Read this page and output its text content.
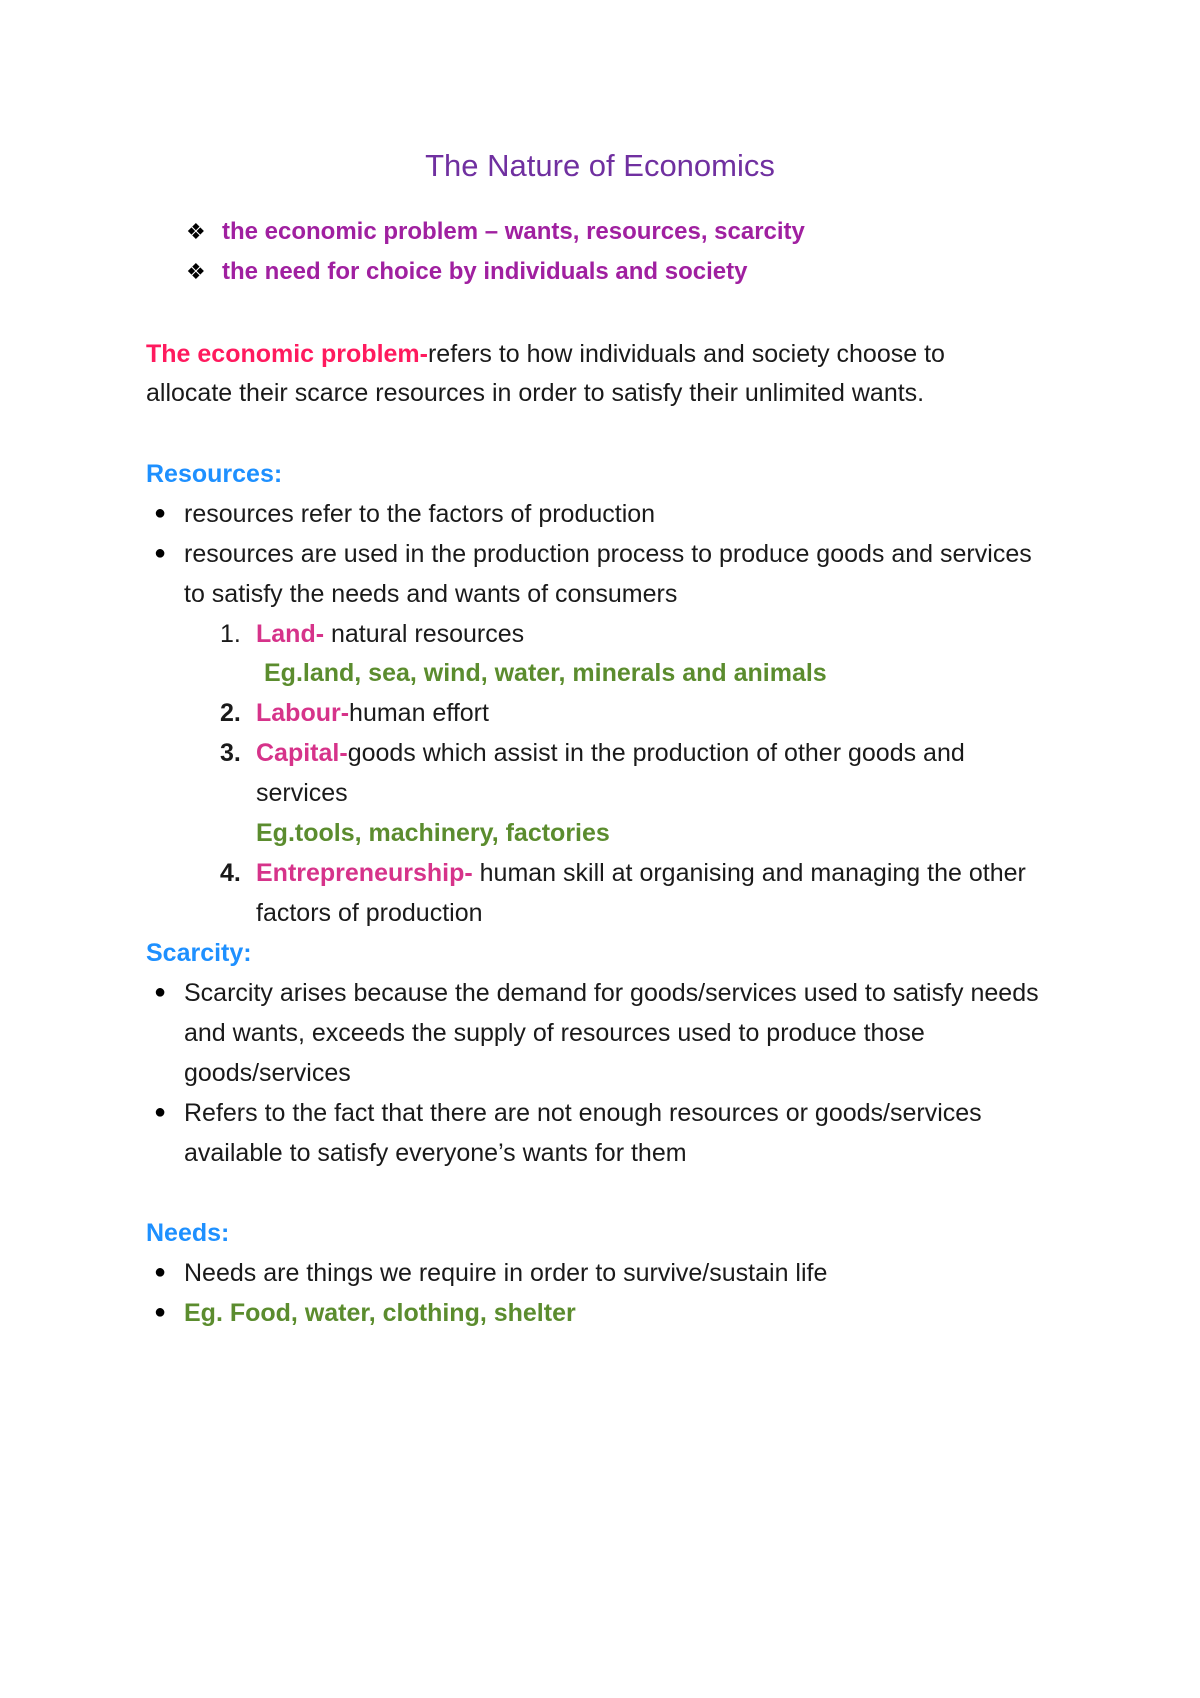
The Nature of Economics
❖ the economic problem – wants, resources, scarcity
❖ the need for choice by individuals and society
The economic problem-refers to how individuals and society choose to
allocate their scarce resources in order to satisfy their unlimited wants.
Resources:
● resources refer to the factors of production
● resources are used in the production process to produce goods and services
to satisfy the needs and wants of consumers
1. Land- natural resources
Eg.land, sea, wind, water, minerals and animals
2. Labour-human effort
3. Capital-goods which assist in the production of other goods and
services
Eg.tools, machinery, factories
4. Entrepreneurship- human skill at organising and managing the other
factors of production
Scarcity:
● Scarcity arises because the demand for goods/services used to satisfy needs
and wants, exceeds the supply of resources used to produce those
goods/services
● Refers to the fact that there are not enough resources or goods/services
available to satisfy everyone’s wants for them
Needs:
● Needs are things we require in order to survive/sustain life
● Eg. Food, water, clothing, shelter
